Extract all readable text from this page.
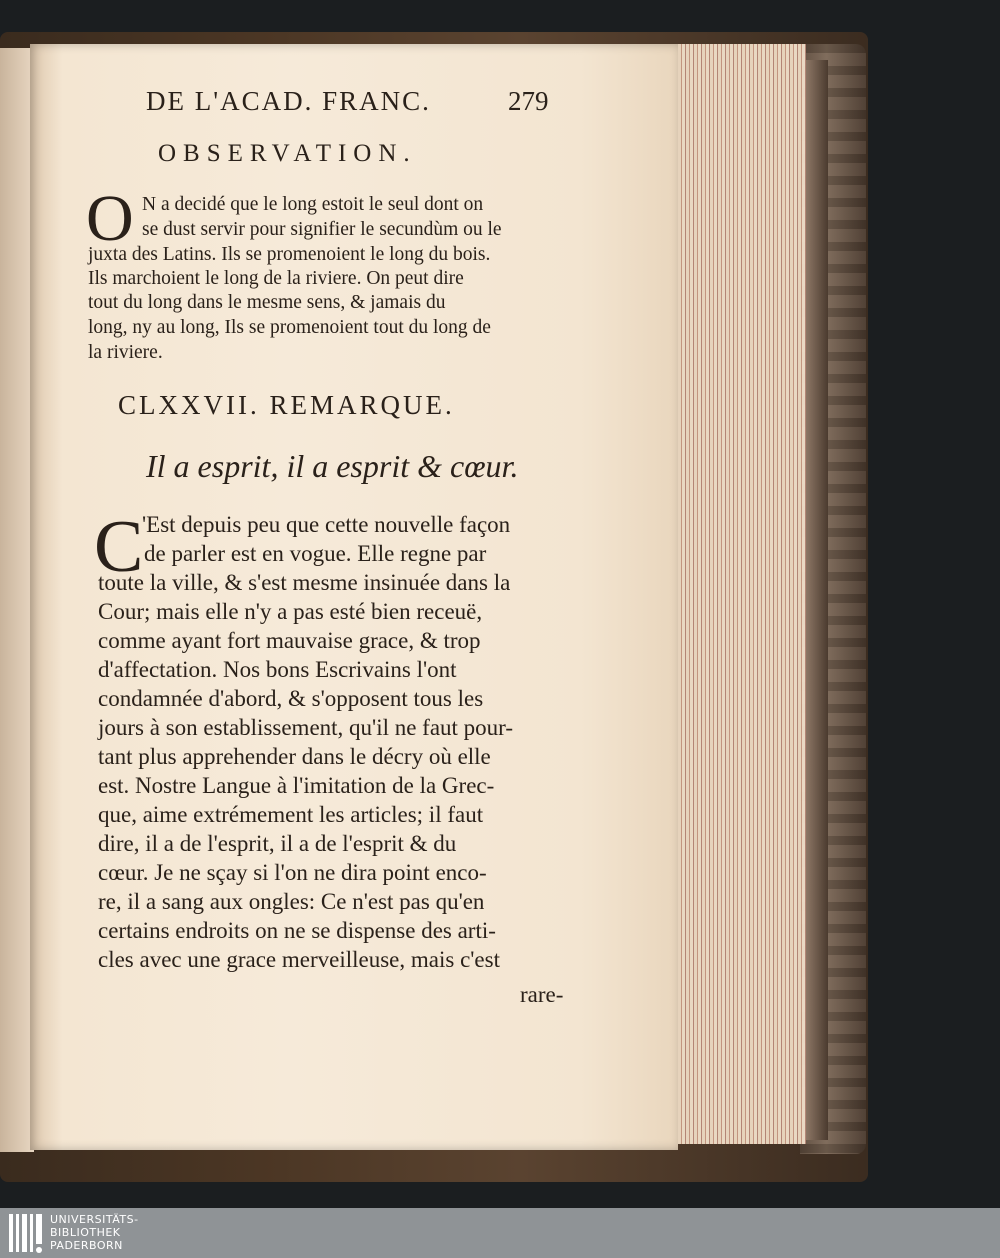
DE L'ACAD. FRANC.	279
OBSERVATION.
O N a decidé que le long estoit le seul dont on
se dust servir pour signifier le secundùm ou le
juxta des Latins. Ils se promenoient le long du bois.
Ils marchoient le long de la riviere. On peut dire
tout du long dans le mesme sens, & jamais du
long, ny au long, Ils se promenoient tout du long de
la riviere.
CLXXVII. REMARQUE.
Il a esprit, il a esprit & cœur.
C
'Est depuis peu que cette nouvelle façon
de parler est en vogue. Elle regne par
toute la ville, & s'est mesme insinuée dans la
Cour; mais elle n'y a pas esté bien receuë,
comme ayant fort mauvaise grace, & trop
d'affectation. Nos bons Escrivains l'ont
condamnée d'abord, & s'opposent tous les
jours à son establissement, qu'il ne faut pour-
tant plus apprehender dans le décry où elle
est. Nostre Langue à l'imitation de la Grec-
que, aime extrémement les articles; il faut
dire, il a de l'esprit, il a de l'esprit & du
cœur. Je ne sçay si l'on ne dira point enco-
re, il a sang aux ongles: Ce n'est pas qu'en
certains endroits on ne se dispense des arti-
cles avec une grace merveilleuse, mais c'est
rare-
UNIVERSITÄTS-
BIBLIOTHEK
PADERBORN
